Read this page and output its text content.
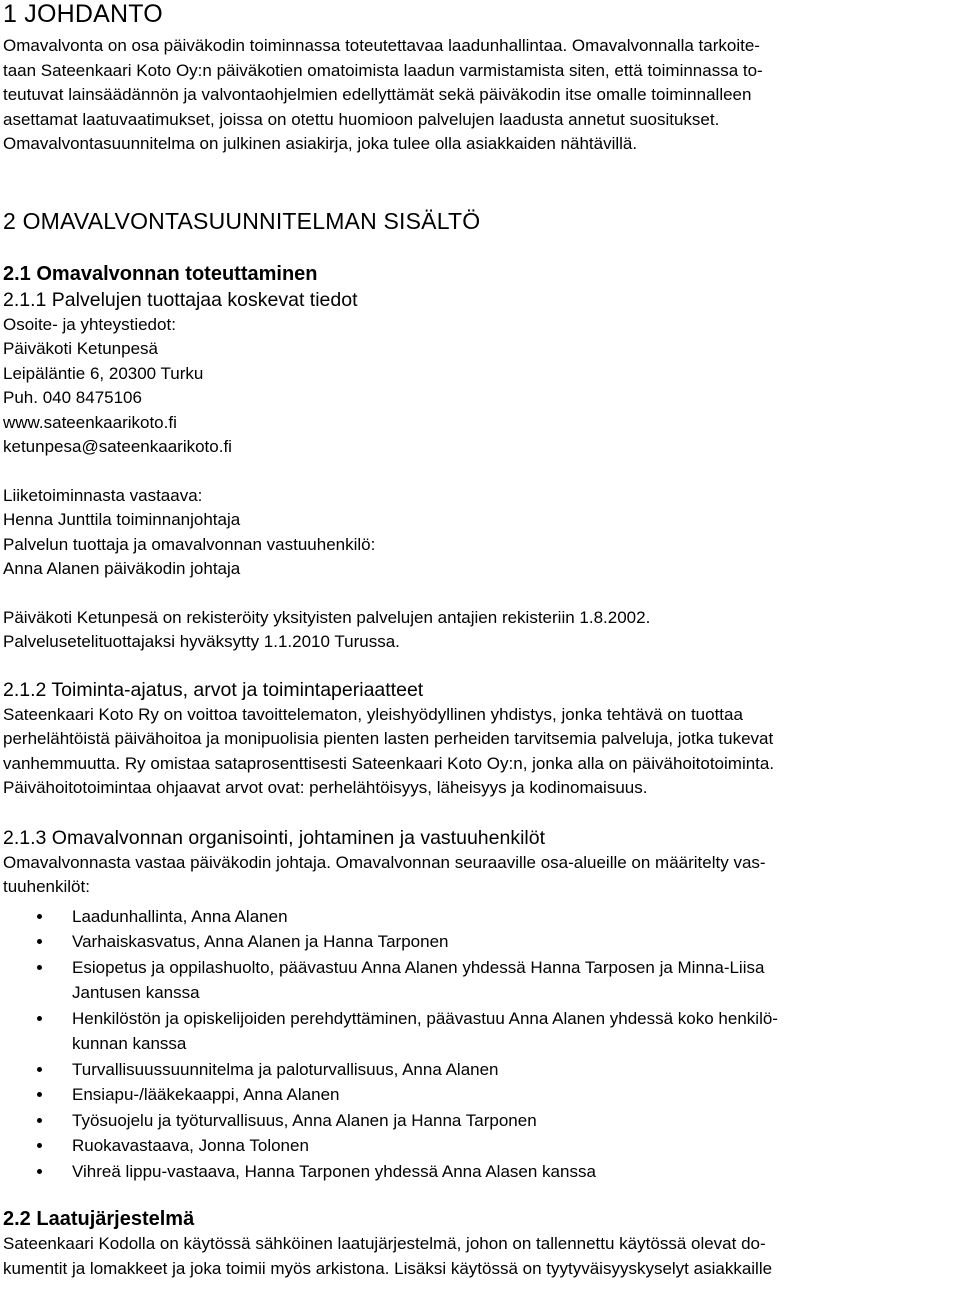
1 JOHDANTO
Omavalvonta on osa päiväkodin toiminnassa toteutettavaa laadunhallintaa. Omavalvonnalla tarkoite-
taan Sateenkaari Koto Oy:n päiväkotien omatoimista laadun varmistamista siten, että toiminnassa to-
teutuvat lainsäädännön ja valvontaohjelmien edellyttämät sekä päiväkodin itse omalle toiminnalleen
asettamat laatuvaatimukset, joissa on otettu huomioon palvelujen laadusta annetut suositukset.
Omavalvontasuunnitelma on julkinen asiakirja, joka tulee olla asiakkaiden nähtävillä.
2 OMAVALVONTASUUNNITELMAN SISÄLTÖ
2.1 Omavalvonnan toteuttaminen
2.1.1 Palvelujen tuottajaa koskevat tiedot
Osoite- ja yhteystiedot:
Päiväkoti Ketunpesä
Leipäläntie 6, 20300 Turku
Puh. 040 8475106
www.sateenkaarikoto.fi
ketunpesa@sateenkaarikoto.fi
Liiketoiminnasta vastaava:
Henna Junttila toiminnanjohtaja
Palvelun tuottaja ja omavalvonnan vastuuhenkilö:
Anna Alanen päiväkodin johtaja
Päiväkoti Ketunpesä on rekisteröity yksityisten palvelujen antajien rekisteriin 1.8.2002.
Palvelusetelituottajaksi hyväksytty 1.1.2010 Turussa.
2.1.2 Toiminta-ajatus, arvot ja toimintaperiaatteet
Sateenkaari Koto Ry on voittoa tavoittelematon, yleishyödyllinen yhdistys, jonka tehtävä on tuottaa
perhelähtöistä päivähoitoa ja monipuolisia pienten lasten perheiden tarvitsemia palveluja, jotka tukevat
vanhemmuutta. Ry omistaa sataprosenttisesti Sateenkaari Koto Oy:n, jonka alla on päivähoitotoiminta.
Päivähoitotoimintaa ohjaavat arvot ovat: perhelähtöisyys, läheisyys ja kodinomaisuus.
2.1.3 Omavalvonnan organisointi, johtaminen ja vastuuhenkilöt
Omavalvonnasta vastaa päiväkodin johtaja. Omavalvonnan seuraaville osa-alueille on määritelty vas-
tuuhenkilöt:
Laadunhallinta, Anna Alanen
Varhaiskasvatus, Anna Alanen ja Hanna Tarponen
Esiopetus ja oppilashuolto, päävastuu Anna Alanen yhdessä Hanna Tarposen ja Minna-Liisa
Jantusen kanssa
Henkilöstön ja opiskelijoiden perehdyttäminen, päävastuu Anna Alanen yhdessä koko henkilö-
kunnan kanssa
Turvallisuussuunnitelma ja paloturvallisuus, Anna Alanen
Ensiapu-/lääkekaappi, Anna Alanen
Työsuojelu ja työturvallisuus, Anna Alanen ja Hanna Tarponen
Ruokavastaava, Jonna Tolonen
Vihreä lippu-vastaava, Hanna Tarponen yhdessä Anna Alasen kanssa
2.2 Laatujärjestelmä
Sateenkaari Kodolla on käytössä sähköinen laatujärjestelmä, johon on tallennettu käytössä olevat do-
kumentit ja lomakkeet ja joka toimii myös arkistona. Lisäksi käytössä on tyytyväisyyskyselyt asiakkaille
